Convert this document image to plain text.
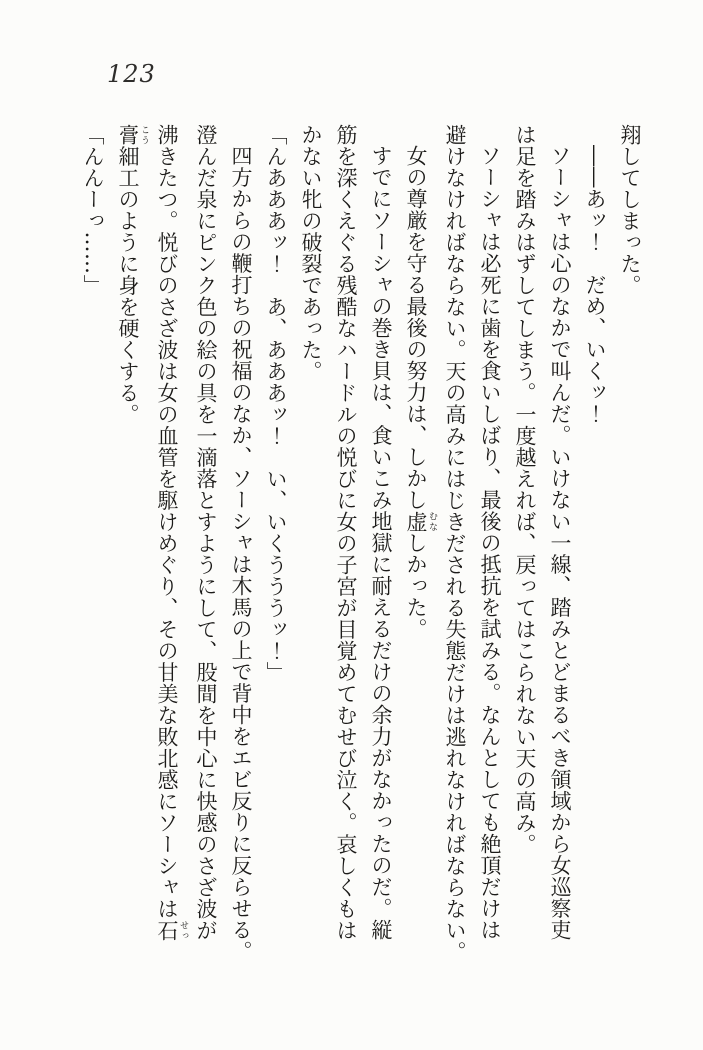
123

翔してしまった。

――あッ！　だめ、いくッ！

ソーシャは心のなかで叫んだ。いけない一線、踏みとどまるべき領域から女巡察吏

は足を踏みはずしてしまう。一度越えれば、戻ってはこられない天の高み。

ソーシャは必死に歯を食いしばり、最後の抵抗を試みる。なんとしても絶頂だけは

避けなければならない。天の高みにはじきだされる失態だけは逃れなければならない。

女の尊厳を守る最後の努力は、しかし虚 むなしかった。

すでにソーシャの巻き貝は、食いこみ地獄に耐えるだけの余力がなかったのだ。縦

筋を深くえぐる残酷なハードルの悦びに女の子宮が目覚めてむせび泣く。哀しくもは

かない牝の破裂であった。

「んあああッ！　あ、あああッ！　い、いくうううッ！」

四方からの鞭打ちの祝福のなか、ソーシャは木馬の上で背中をエビ反りに反らせる。

澄んだ泉にピンク色の絵の具を一滴落とすようにして、股間を中心に快感のさざ波が

沸きたつ。悦びのさざ波は女の血管を駆けめぐり、その甘美な敗北感にソーシャは石 せっ

膏 こう細工のように身を硬くする。

「んんーっ……」
